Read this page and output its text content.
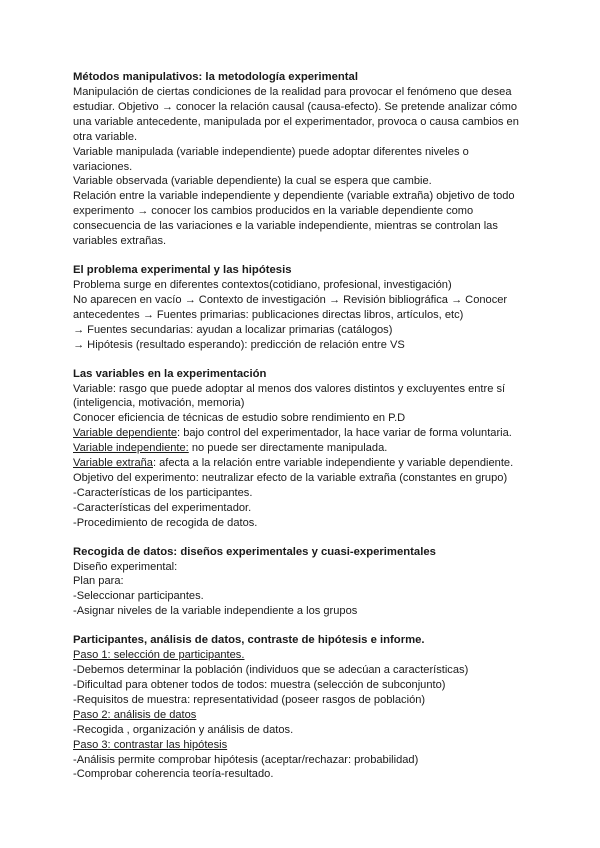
Métodos manipulativos: la metodología experimental

Manipulación de ciertas condiciones de la realidad para provocar el fenómeno que desea

estudiar. Objetivo → conocer la relación causal (causa-efecto). Se pretende analizar cómo

una variable antecedente, manipulada por el experimentador, provoca o causa cambios en

otra variable.

Variable manipulada (variable independiente) puede adoptar diferentes niveles o

variaciones.

Variable observada (variable dependiente) la cual se espera que cambie.

Relación entre la variable independiente y dependiente (variable extraña) objetivo de todo

experimento → conocer los cambios producidos en la variable dependiente como

consecuencia de las variaciones e la variable independiente, mientras se controlan las

variables extrañas.

El problema experimental y las hipótesis

Problema surge en diferentes contextos(cotidiano, profesional, investigación)

No aparecen en vacío → Contexto de investigación → Revisión bibliográfica → Conocer

antecedentes → Fuentes primarias: publicaciones directas libros, artículos, etc)

→ Fuentes secundarias: ayudan a localizar primarias (catálogos)

→ Hipótesis (resultado esperando): predicción de relación entre VS

Las variables en la experimentación

Variable: rasgo que puede adoptar al menos dos valores distintos y excluyentes entre sí

(inteligencia, motivación, memoria)

Conocer eficiencia de técnicas de estudio sobre rendimiento en P.D

Variable dependiente: bajo control del experimentador, la hace variar de forma voluntaria.

Variable independiente: no puede ser directamente manipulada.

Variable extraña: afecta a la relación entre variable independiente y variable dependiente.

Objetivo del experimento: neutralizar efecto de la variable extraña (constantes en grupo)

-Características de los participantes.

-Características del experimentador.

-Procedimiento de recogida de datos.

Recogida de datos: diseños experimentales y cuasi-experimentales

Diseño experimental:

Plan para:

-Seleccionar participantes.

-Asignar niveles de la variable independiente a los grupos

Participantes, análisis de datos, contraste de hipótesis e informe.

Paso 1: selección de participantes.

-Debemos determinar la población (individuos que se adecúan a características)

-Dificultad para obtener todos de todos: muestra (selección de subconjunto)

-Requisitos de muestra: representatividad (poseer rasgos de población)

Paso 2: análisis de datos

-Recogida , organización y análisis de datos.

Paso 3: contrastar las hipótesis

-Análisis permite comprobar hipótesis (aceptar/rechazar: probabilidad)

-Comprobar coherencia teoría-resultado.
